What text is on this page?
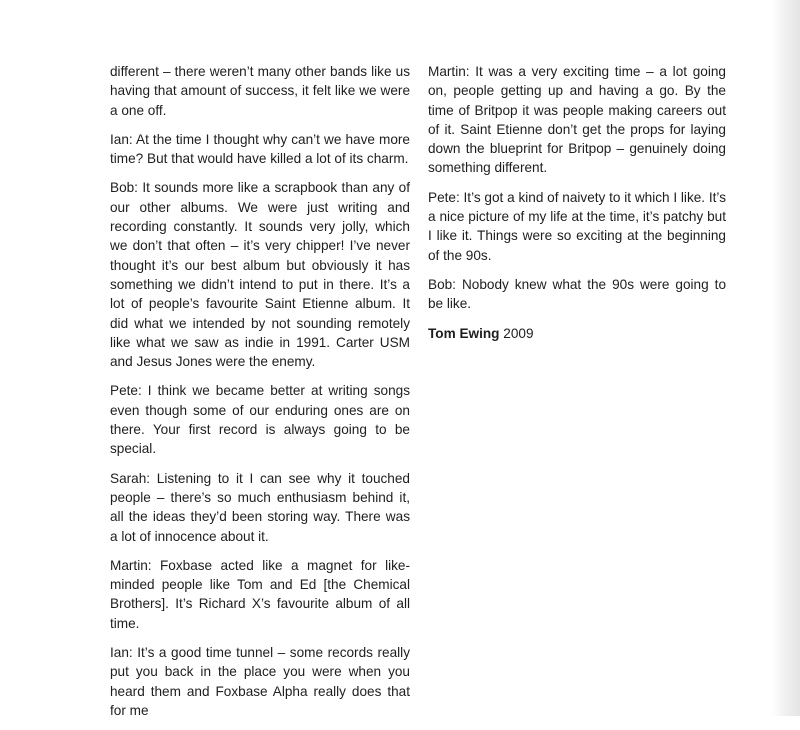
different – there weren’t many other bands like us having that amount of success, it felt like we were a one off.

Ian: At the time I thought why can’t we have more time? But that would have killed a lot of its charm.

Bob: It sounds more like a scrapbook than any of our other albums. We were just writing and recording constantly. It sounds very jolly, which we don’t that often – it’s very chipper! I’ve never thought it’s our best album but obviously it has something we didn’t intend to put in there. It’s a lot of people’s favourite Saint Etienne album. It did what we intended by not sounding remotely like what we saw as indie in 1991. Carter USM and Jesus Jones were the enemy.

Pete: I think we became better at writing songs even though some of our enduring ones are on there. Your first record is always going to be special.

Sarah: Listening to it I can see why it touched people – there’s so much enthusiasm behind it, all the ideas they’d been storing way. There was a lot of innocence about it.

Martin: Foxbase acted like a magnet for like-minded people like Tom and Ed [the Chemical Brothers]. It’s Richard X’s favourite album of all time.

Ian: It’s a good time tunnel – some records really put you back in the place you were when you heard them and Foxbase Alpha really does that for me

Martin: It was a very exciting time – a lot going on, people getting up and having a go. By the time of Britpop it was people making careers out of it. Saint Etienne don’t get the props for laying down the blueprint for Britpop – genuinely doing something different.

Pete: It’s got a kind of naivety to it which I like. It’s a nice picture of my life at the time, it’s patchy but I like it. Things were so exciting at the beginning of the 90s.

Bob: Nobody knew what the 90s were going to be like.

Tom Ewing 2009
